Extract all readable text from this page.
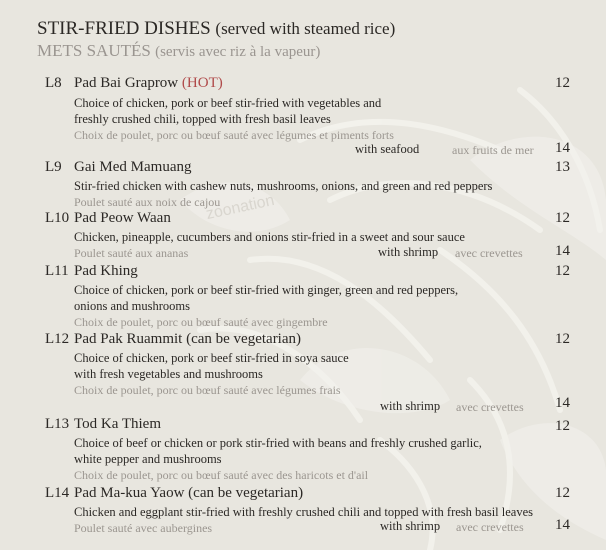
zoonation
STIR-FRIED DISHES (served with steamed rice)
METS SAUTÉS (servis avec riz à la vapeur)
L8 Pad Bai Graprow (HOT)	12
Choice of chicken, pork or beef stir-fried with vegetables and
freshly crushed chili, topped with fresh basil leaves
Choix de poulet, porc ou bœuf sauté avec légumes et piments forts
with seafood	aux fruits de mer 14
L9 Gai Med Mamuang	13
Stir-fried chicken with cashew nuts, mushrooms, onions, and green and red peppers
Poulet sauté aux noix de cajou
L10 Pad Peow Waan	12
Chicken, pineapple, cucumbers and onions stir-fried in a sweet and sour sauce
Poulet sauté aux ananas	with shrimp avec crevettes 14
L11 Pad Khing	12
Choice of chicken, pork or beef stir-fried with ginger, green and red peppers,
onions and mushrooms
Choix de poulet, porc ou bœuf sauté avec gingembre
L12 Pad Pak Ruammit (can be vegetarian)	12
Choice of chicken, pork or beef stir-fried in soya sauce
with fresh vegetables and mushrooms
Choix de poulet, porc ou bœuf sauté avec légumes frais
with shrimp avec crevettes 14
L13 Tod Ka Thiem	12
Choice of beef or chicken or pork stir-fried with beans and freshly crushed garlic,
white pepper and mushrooms
Choix de poulet, porc ou bœuf sauté avec des haricots et d'ail
L14 Pad Ma-kua Yaow (can be vegetarian)	12
Chicken and eggplant stir-fried with freshly crushed chili and topped with fresh basil leaves
Poulet sauté avec aubergines	with shrimp avec crevettes 14
